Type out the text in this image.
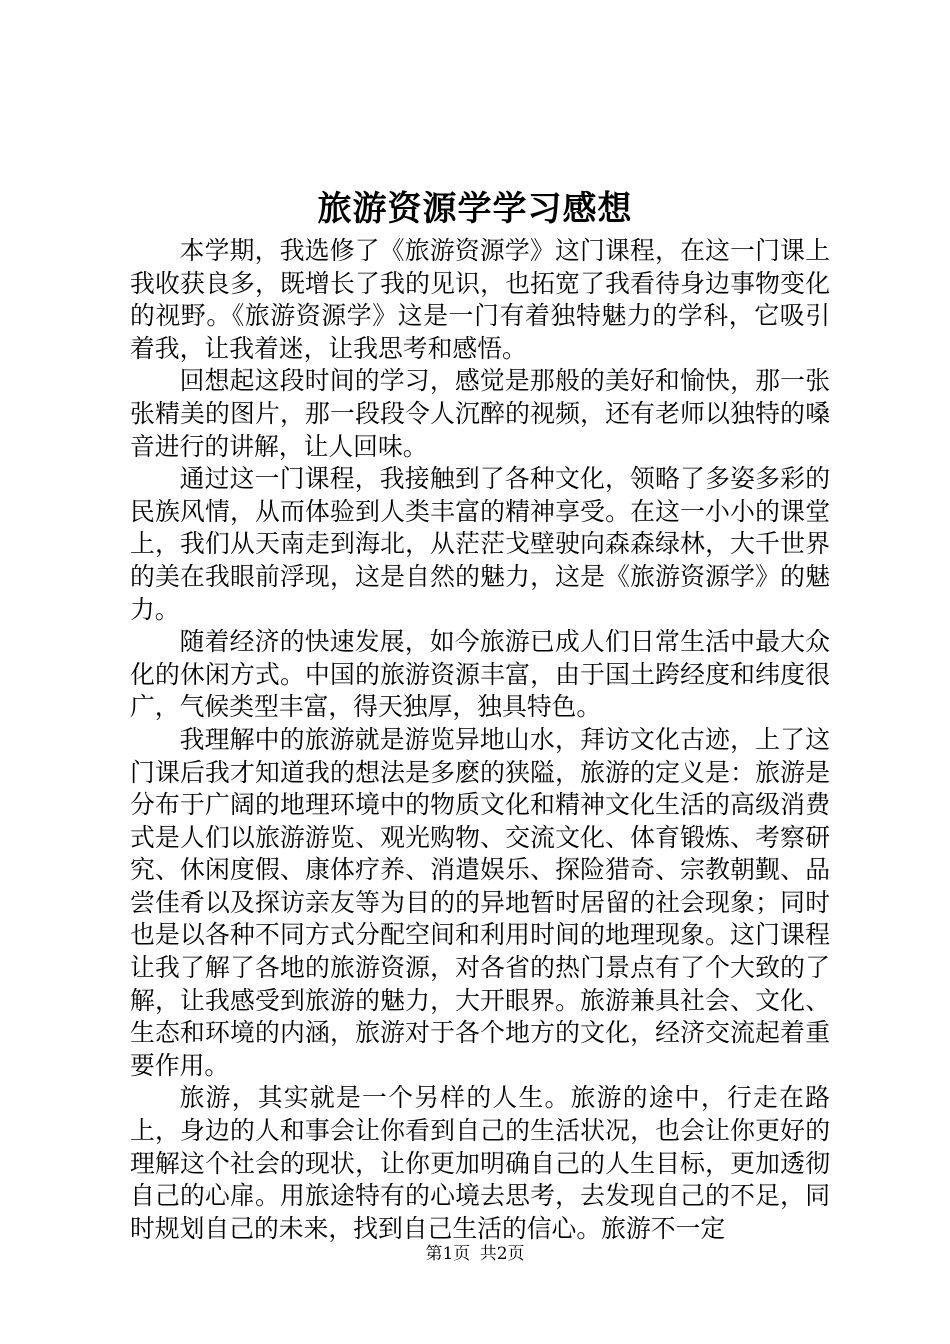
旅游资源学学习感想

本学期，我选修了《旅游资源学》这门课程，在这一门课上我收获良多，既增长了我的见识，也拓宽了我看待身边事物变化的视野。《旅游资源学》这是一门有着独特魅力的学科，它吸引着我，让我着迷，让我思考和感悟。

回想起这段时间的学习，感觉是那般的美好和愉快，那一张张精美的图片，那一段段令人沉醉的视频，还有老师以独特的嗓音进行的讲解，让人回味。

通过这一门课程，我接触到了各种文化，领略了多姿多彩的民族风情，从而体验到人类丰富的精神享受。在这一小小的课堂上，我们从天南走到海北，从茫茫戈壁驶向森森绿林，大千世界的美在我眼前浮现，这是自然的魅力，这是《旅游资源学》的魅力。

随着经济的快速发展，如今旅游已成人们日常生活中最大众化的休闲方式。中国的旅游资源丰富，由于国土跨经度和纬度很广，气候类型丰富，得天独厚，独具特色。

我理解中的旅游就是游览异地山水，拜访文化古迹，上了这门课后我才知道我的想法是多麽的狭隘，旅游的定义是：旅游是分布于广阔的地理环境中的物质文化和精神文化生活的高级消费式是人们以旅游游览、观光购物、交流文化、体育锻炼、考察研究、休闲度假、康体疗养、消遣娱乐、探险猎奇、宗教朝觐、品尝佳肴以及探访亲友等为目的的异地暂时居留的社会现象；同时也是以各种不同方式分配空间和利用时间的地理现象。这门课程让我了解了各地的旅游资源，对各省的热门景点有了个大致的了解，让我感受到旅游的魅力，大开眼界。旅游兼具社会、文化、生态和环境的内涵，旅游对于各个地方的文化，经济交流起着重要作用。

旅游，其实就是一个另样的人生。旅游的途中，行走在路上，身边的人和事会让你看到自己的生活状况，也会让你更好的理解这个社会的现状，让你更加明确自己的人生目标，更加透彻自己的心扉。用旅途特有的心境去思考，去发现自己的不足，同时规划自己的未来，找到自己生活的信心。旅游不一定

第1页 共2页
